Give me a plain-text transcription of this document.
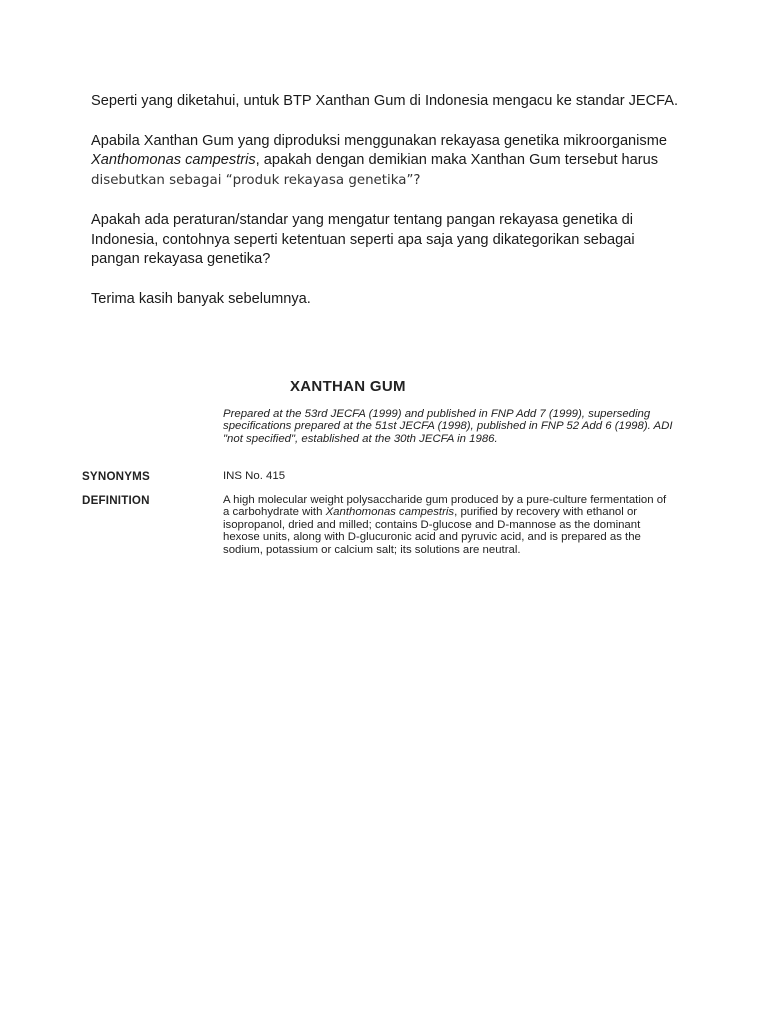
Seperti yang diketahui, untuk BTP Xanthan Gum di Indonesia mengacu ke standar JECFA.

Apabila Xanthan Gum yang diproduksi menggunakan rekayasa genetika mikroorganisme Xanthomonas campestris, apakah dengan demikian maka Xanthan Gum tersebut harus disebutkan sebagai “produk rekayasa genetika”?

Apakah ada peraturan/standar yang mengatur tentang pangan rekayasa genetika di Indonesia, contohnya seperti ketentuan seperti apa saja yang dikategorikan sebagai pangan rekayasa genetika?

Terima kasih banyak sebelumnya.

XANTHAN GUM
Prepared at the 53rd JECFA (1999) and published in FNP Add 7 (1999), superseding specifications prepared at the 51st JECFA (1998), published in FNP 52 Add 6 (1998). ADI "not specified", established at the 30th JECFA in 1986.
SYNONYMS	INS No. 415
DEFINITION	A high molecular weight polysaccharide gum produced by a pure-culture fermentation of a carbohydrate with Xanthomonas campestris, purified by recovery with ethanol or isopropanol, dried and milled; contains D-glucose and D-mannose as the dominant hexose units, along with D-glucuronic acid and pyruvic acid, and is prepared as the sodium, potassium or calcium salt; its solutions are neutral.
